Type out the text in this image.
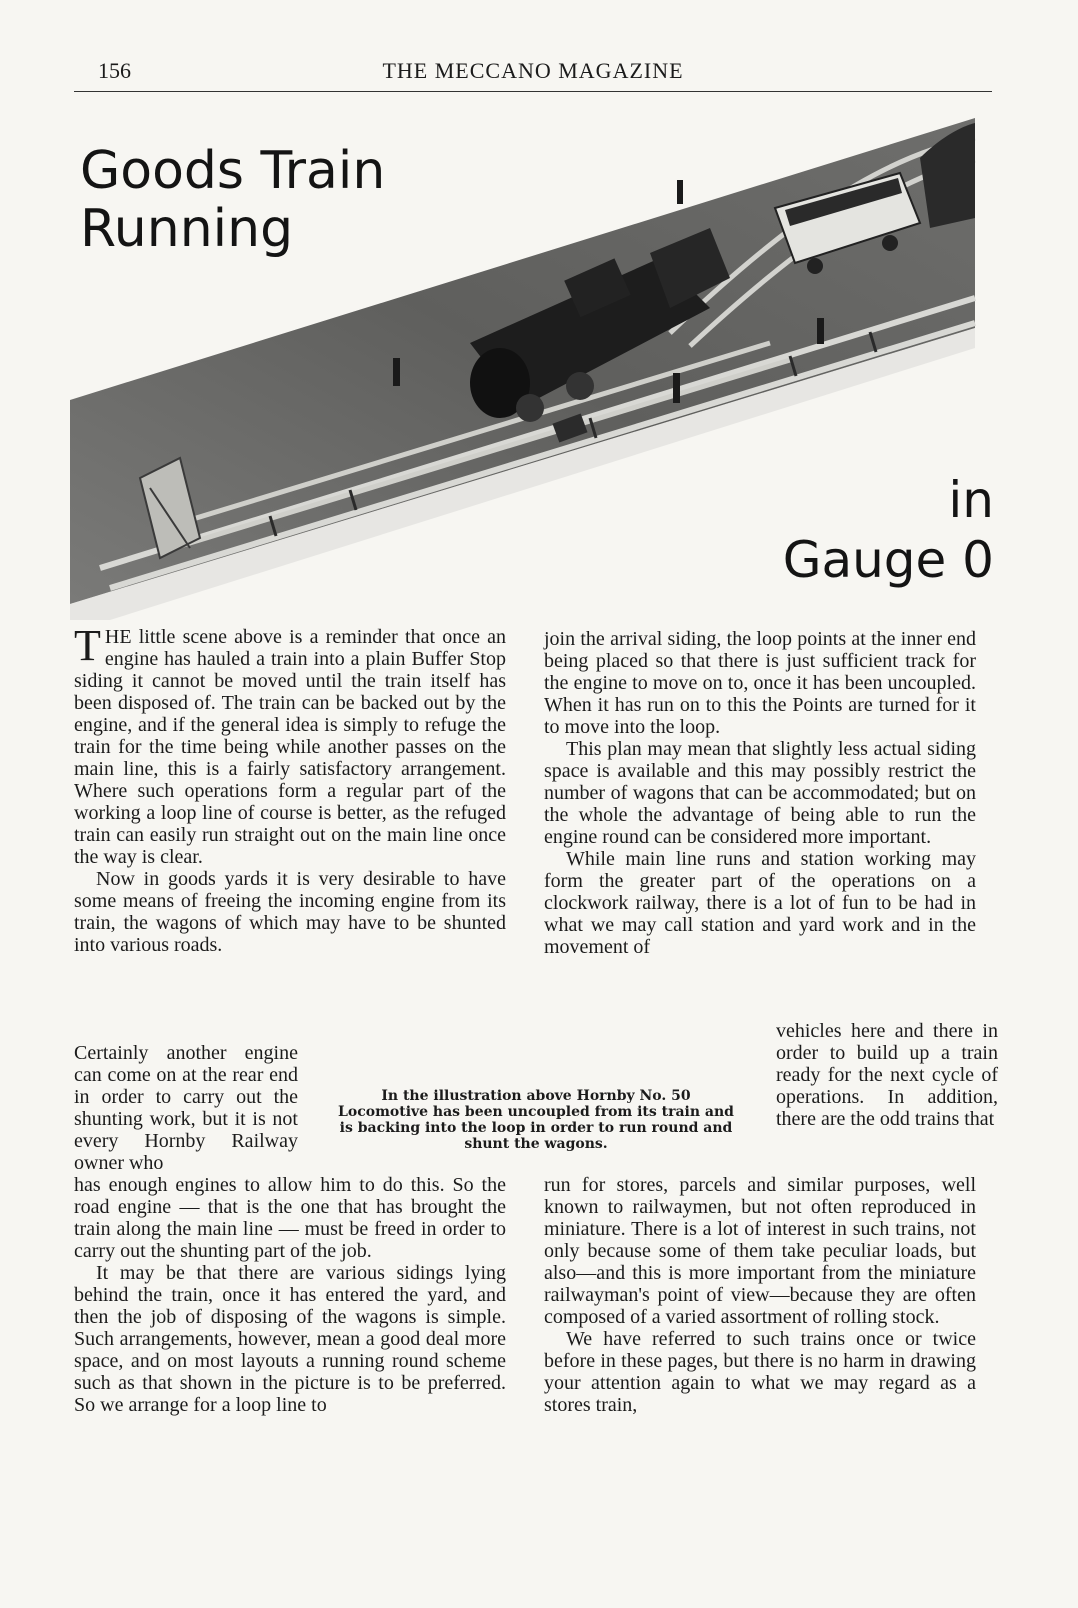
156	THE MECCANO MAGAZINE
Goods Train
Running
in
Gauge 0

THE little scene above is a reminder that once an engine has hauled a train into a plain Buffer Stop siding it cannot be moved until the train itself has been disposed of. The train can be backed out by the engine, and if the general idea is simply to refuge the train for the time being while another passes on the main line, this is a fairly satisfactory arrangement. Where such operations form a regular part of the working a loop line of course is better, as the refuged train can easily run straight out on the main line once the way is clear.

Now in goods yards it is very desirable to have some means of freeing the incoming engine from its train, the wagons of which may have to be shunted into various roads.

Certainly another engine can come on at the rear end in order to carry out the shunting work, but it is not every Hornby Railway owner who

In the illustration above Hornby No. 50 Locomotive has been uncoupled from its train and is backing into the loop in order to run round and shunt the wagons.

has enough engines to allow him to do this. So the road engine — that is the one that has brought the train along the main line — must be freed in order to carry out the shunting part of the job.

It may be that there are various sidings lying behind the train, once it has entered the yard, and then the job of disposing of the wagons is simple. Such arrangements, however, mean a good deal more space, and on most layouts a running round scheme such as that shown in the picture is to be preferred. So we arrange for a loop line to

join the arrival siding, the loop points at the inner end being placed so that there is just sufficient track for the engine to move on to, once it has been uncoupled. When it has run on to this the Points are turned for it to move into the loop.

This plan may mean that slightly less actual siding space is available and this may possibly restrict the number of wagons that can be accommodated; but on the whole the advantage of being able to run the engine round can be considered more important.

While main line runs and station working may form the greater part of the operations on a clockwork railway, there is a lot of fun to be had in what we may call station and yard work and in the movement of

vehicles here and there in order to build up a train ready for the next cycle of operations. In addition, there are the odd trains that

run for stores, parcels and similar purposes, well known to railwaymen, but not often reproduced in miniature. There is a lot of interest in such trains, not only because some of them take peculiar loads, but also—and this is more important from the miniature railwayman's point of view—because they are often composed of a varied assortment of rolling stock.

We have referred to such trains once or twice before in these pages, but there is no harm in drawing your attention again to what we may regard as a stores train,
